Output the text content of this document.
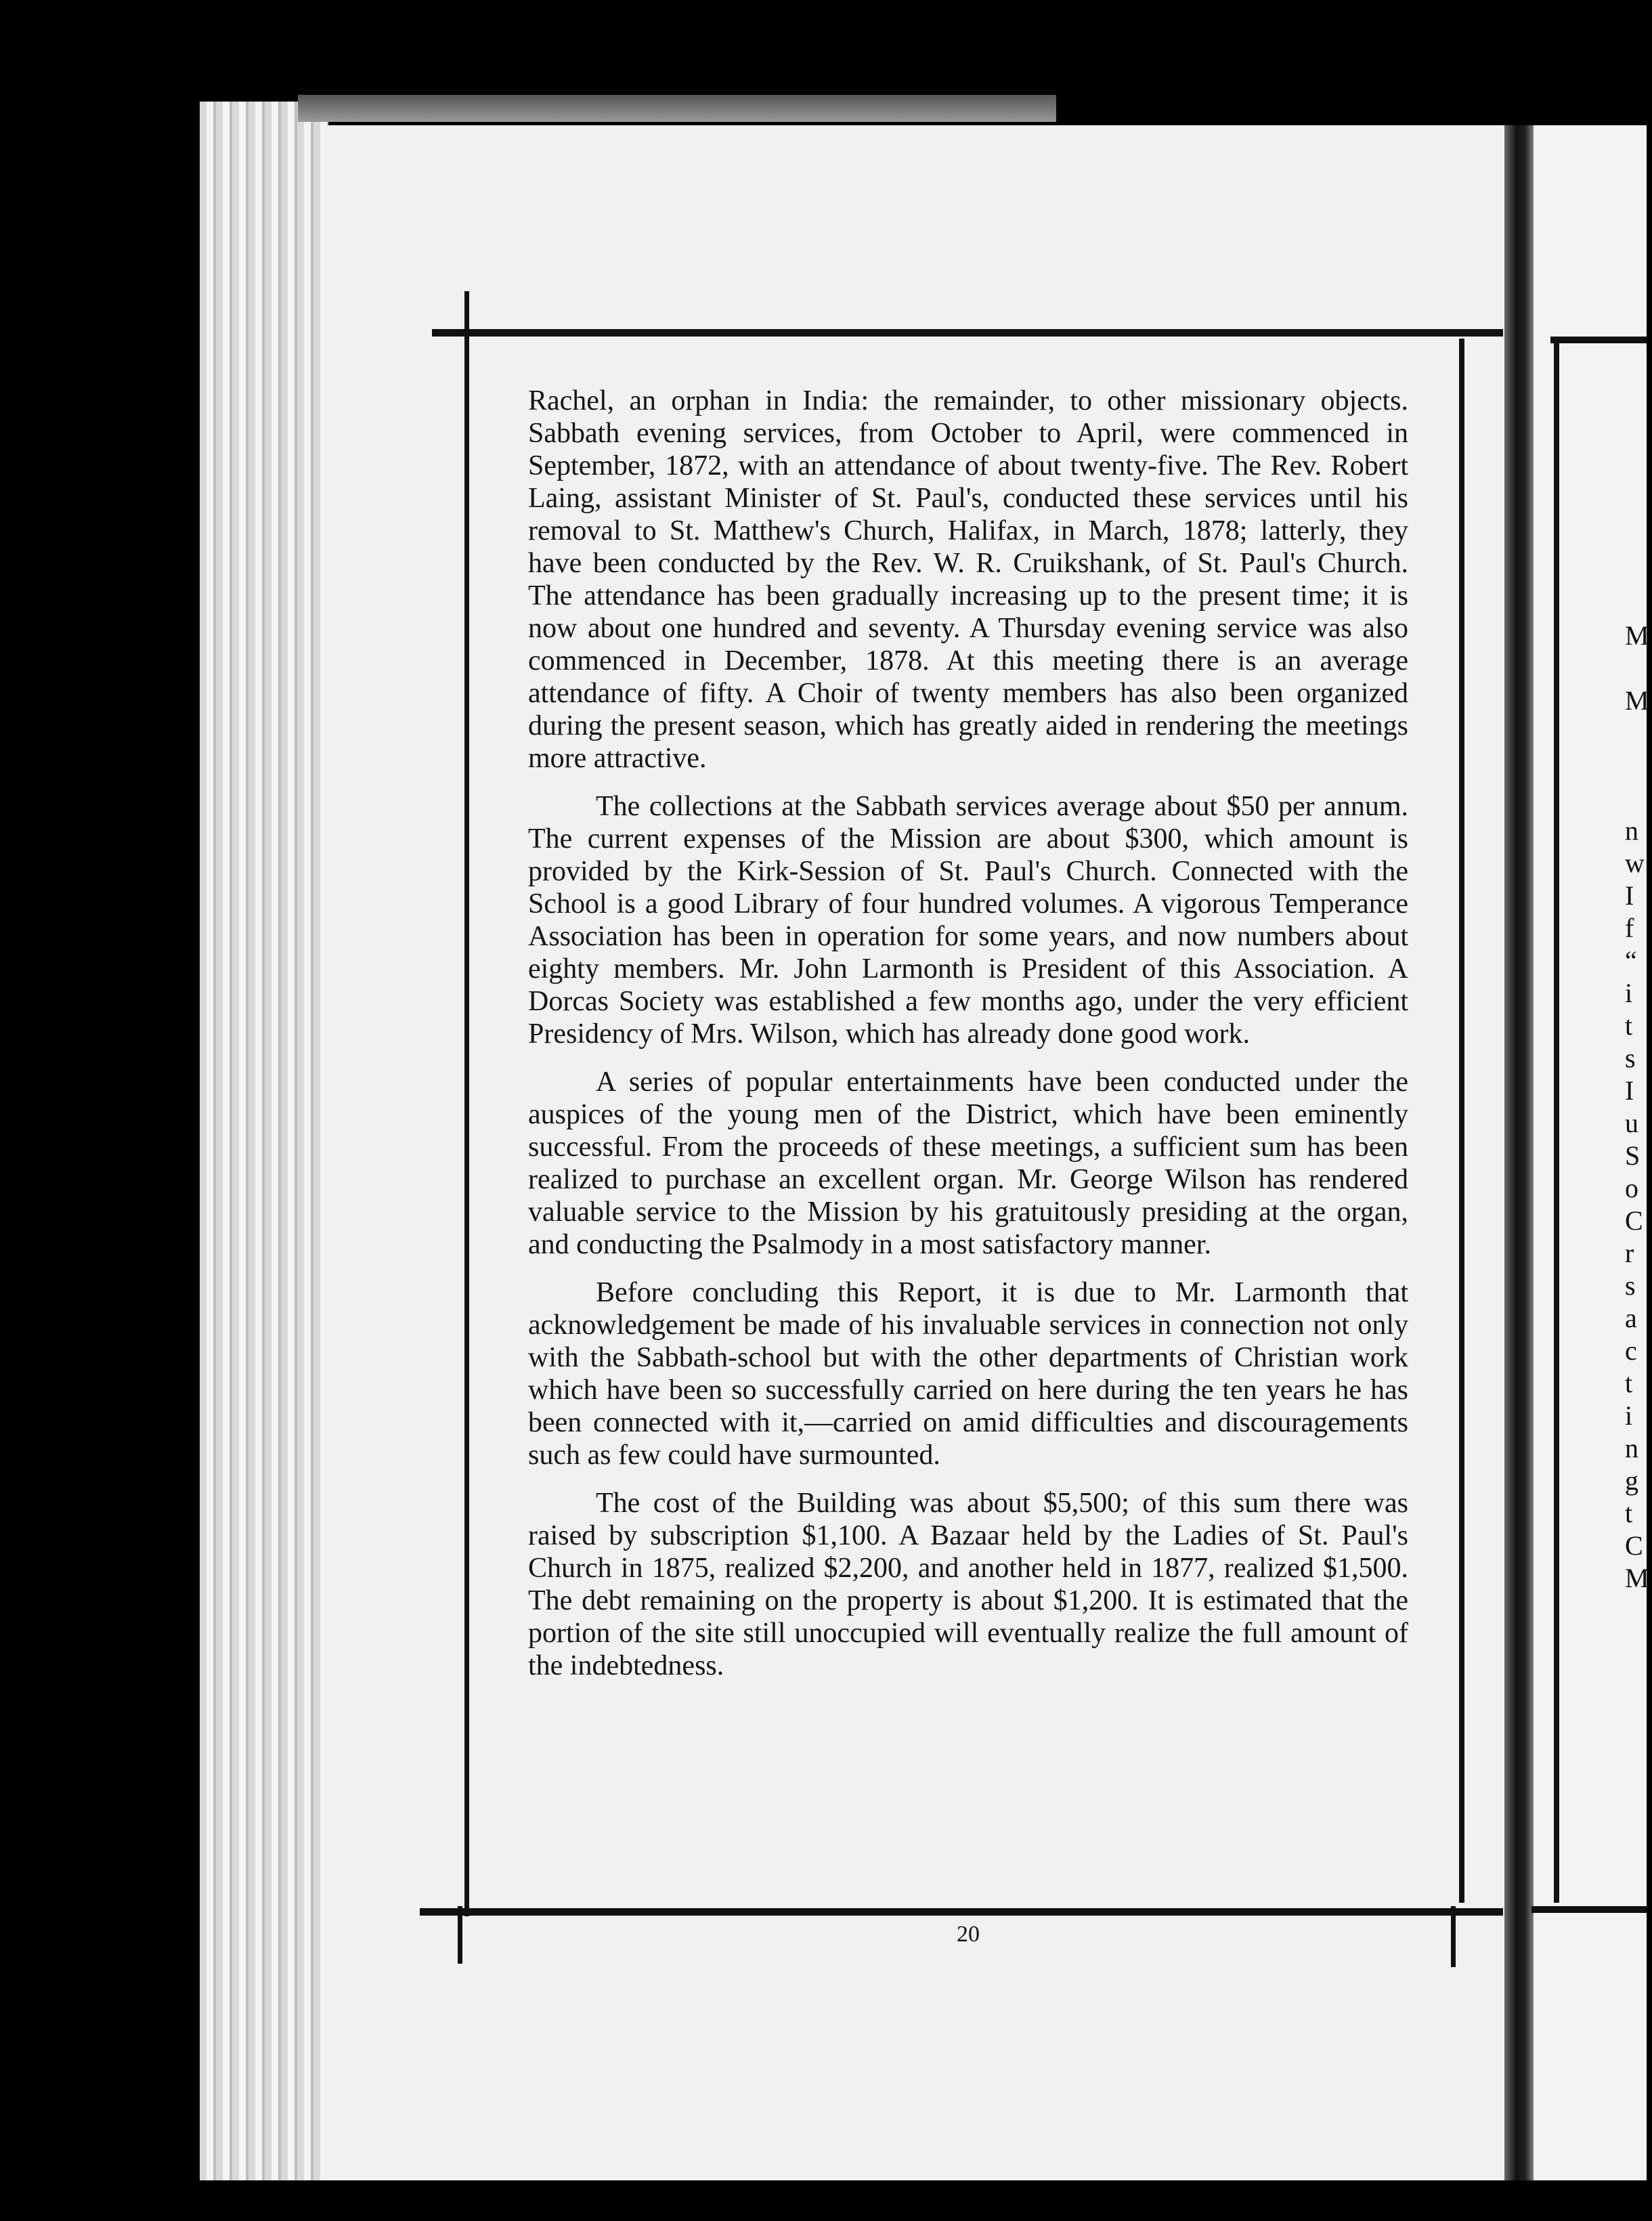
Rachel, an orphan in India: the remainder, to other missionary objects. Sabbath evening services, from October to April, were commenced in September, 1872, with an attendance of about twenty-five. The Rev. Robert Laing, assistant Minister of St. Paul's, conducted these services until his removal to St. Matthew's Church, Halifax, in March, 1878; latterly, they have been conducted by the Rev. W. R. Cruikshank, of St. Paul's Church. The attendance has been gradually increasing up to the present time; it is now about one hundred and seventy. A Thursday evening service was also commenced in December, 1878. At this meeting there is an average attendance of fifty. A Choir of twenty members has also been organized during the present season, which has greatly aided in rendering the meetings more attractive.

The collections at the Sabbath services average about $50 per annum. The current expenses of the Mission are about $300, which amount is provided by the Kirk-Session of St. Paul's Church. Connected with the School is a good Library of four hundred volumes. A vigorous Temperance Association has been in operation for some years, and now numbers about eighty members. Mr. John Larmonth is President of this Association. A Dorcas Society was established a few months ago, under the very efficient Presidency of Mrs. Wilson, which has already done good work.

A series of popular entertainments have been conducted under the auspices of the young men of the District, which have been eminently successful. From the proceeds of these meetings, a sufficient sum has been realized to purchase an excellent organ. Mr. George Wilson has rendered valuable service to the Mission by his gratuitously presiding at the organ, and conducting the Psalmody in a most satisfactory manner.

Before concluding this Report, it is due to Mr. Larmonth that acknowledgement be made of his invaluable services in connection not only with the Sabbath-school but with the other departments of Christian work which have been so successfully carried on here during the ten years he has been connected with it,—carried on amid difficulties and discouragements such as few could have surmounted.

The cost of the Building was about $5,500; of this sum there was raised by subscription $1,100. A Bazaar held by the Ladies of St. Paul's Church in 1875, realized $2,200, and another held in 1877, realized $1,500. The debt remaining on the property is about $1,200. It is estimated that the portion of the site still unoccupied will eventually realize the full amount of the indebtedness.

20
M
M
n
w
I
f
“
i
t
s
I
u
S
o
C
r
s
a
c
t
i
n
g
t
C
M
